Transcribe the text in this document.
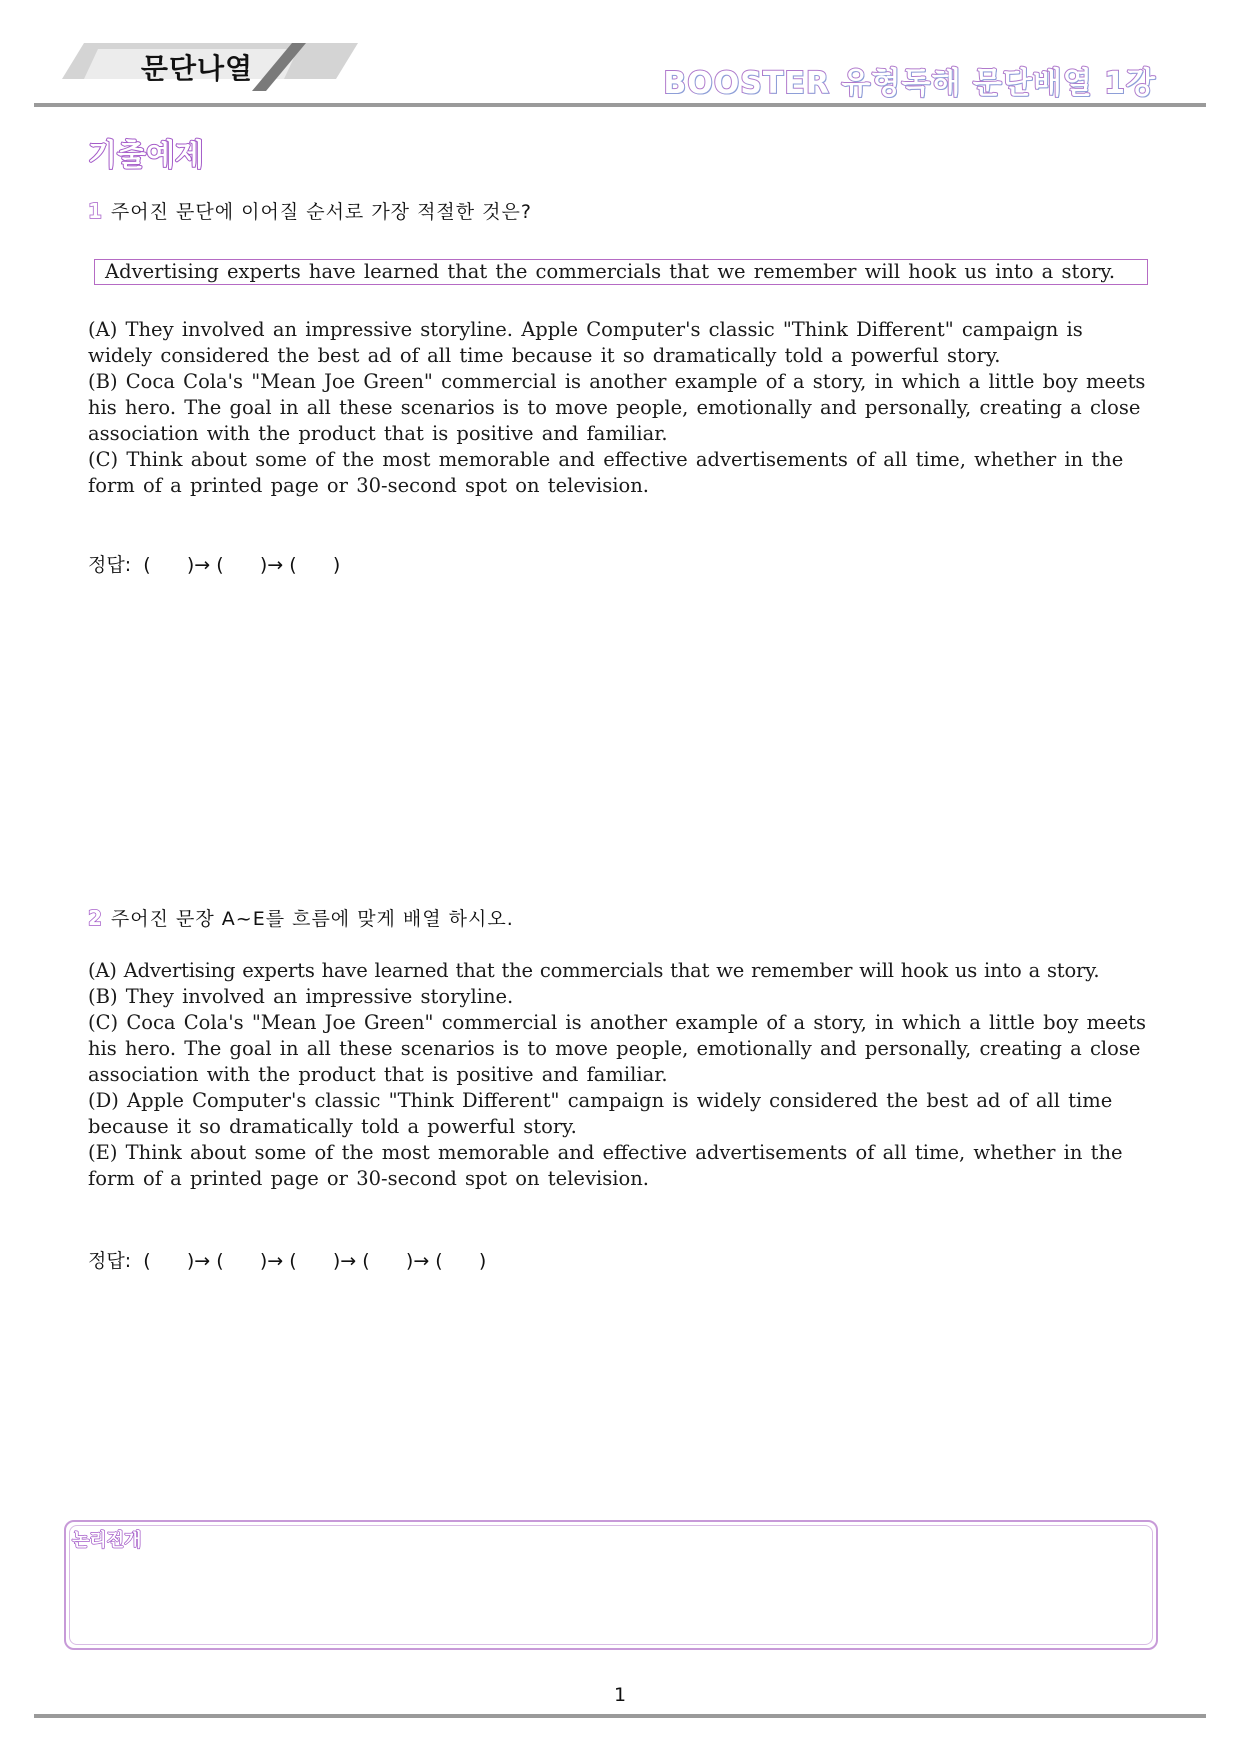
문단나열	BOOSTER 유형독해 문단배열 1강
기출예제
1 주어진 문단에 이어질 순서로 가장 적절한 것은?
Advertising experts have learned that the commercials that we remember will hook us into a story.

(A) They involved an impressive storyline. Apple Computer's classic "Think Different" campaign is widely considered the best ad of all time because it so dramatically told a powerful story.

(B) Coca Cola's "Mean Joe Green" commercial is another example of a story, in which a little boy meets his hero. The goal in all these scenarios is to move people, emotionally and personally, creating a close association with the product that is positive and familiar.

(C) Think about some of the most memorable and effective advertisements of all time, whether in the form of a printed page or 30-second spot on television.

정답:  (      )→ (      )→ (      )
2 주어진 문장 A~E를 흐름에 맞게 배열 하시오.

(A) Advertising experts have learned that the commercials that we remember will hook us into a story.

(B) They involved an impressive storyline.

(C) Coca Cola's "Mean Joe Green" commercial is another example of a story, in which a little boy meets his hero. The goal in all these scenarios is to move people, emotionally and personally, creating a close association with the product that is positive and familiar.

(D) Apple Computer's classic "Think Different" campaign is widely considered the best ad of all time because it so dramatically told a powerful story.

(E) Think about some of the most memorable and effective advertisements of all time, whether in the form of a printed page or 30-second spot on television.

정답:  (      )→ (      )→ (      )→ (      )→ (      )
논리전개
1
